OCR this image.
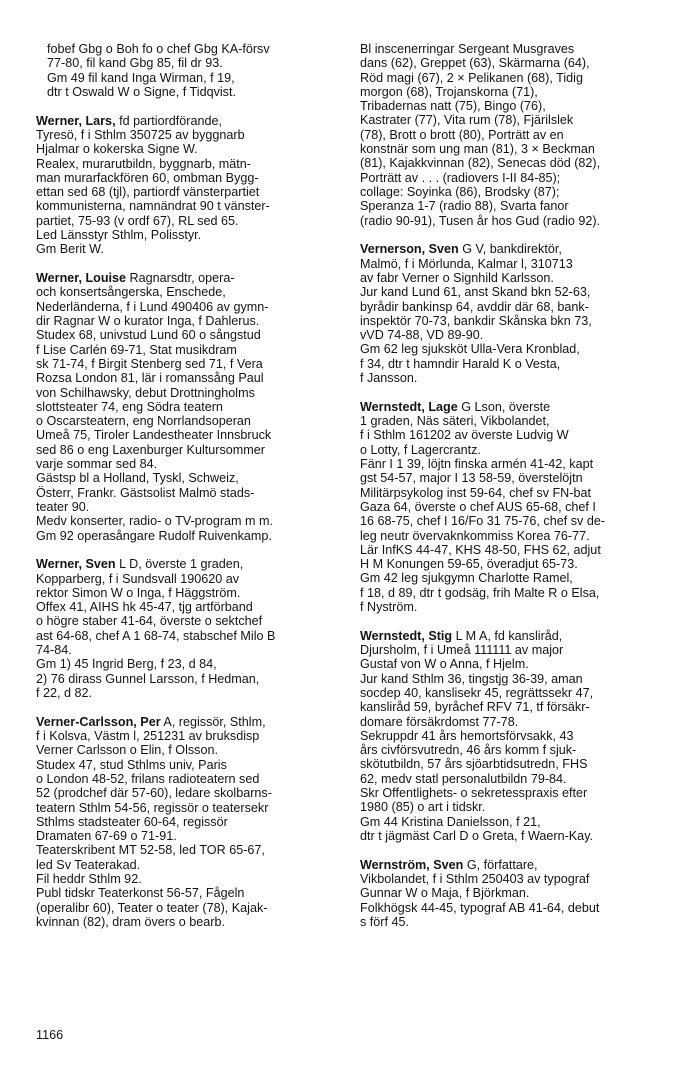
fobef Gbg o Boh fo o chef Gbg KA-försv
77-80, fil kand Gbg 85, fil dr 93.
Gm 49 fil kand Inga Wirman, f 19,
dtr t Oswald W o Signe, f Tidqvist.
Werner, Lars, fd partiordförande,
Tyresö, f i Sthlm 350725 av byggnarb
Hjalmar o kokerska Signe W.
Realex, murarutbildn, byggnarb, mätn-
man murarfackfören 60, ombman Bygg-
ettan sed 68 (tjl), partiordf vänsterpartiet
kommunisterna, namnändrat 90 t vänster-
partiet, 75-93 (v ordf 67), RL sed 65.
Led Länsstyr Sthlm, Polisstyr.
Gm Berit W.
Werner, Louise Ragnarsdtr, opera-
och konsertsångerska, Enschede,
Nederländerna, f i Lund 490406 av gymn-
dir Ragnar W o kurator Inga, f Dahlerus.
Studex 68, univstud Lund 60 o sångstud
f Lise Carlén 69-71, Stat musikdram
sk 71-74, f Birgit Stenberg sed 71, f Vera
Rozsa London 81, lär i romanssång Paul
von Schilhawsky, debut Drottningholms
slottsteater 74, eng Södra teatern
o Oscarsteatern, eng Norrlandsoperan
Umeå 75, Tiroler Landestheater Innsbruck
sed 86 o eng Laxenburger Kultursommer
varje sommar sed 84.
Gästsp bl a Holland, Tyskl, Schweiz,
Österr, Frankr. Gästsolist Malmö stads-
teater 90.
Medv konserter, radio- o TV-program m m.
Gm 92 operasångare Rudolf Ruivenkamp.
Werner, Sven L D, överste 1 graden,
Kopparberg, f i Sundsvall 190620 av
rektor Simon W o Inga, f Häggström.
Offex 41, AIHS hk 45-47, tjg artförband
o högre staber 41-64, överste o sektchef
ast 64-68, chef A 1 68-74, stabschef Milo B
74-84.
Gm 1) 45 Ingrid Berg, f 23, d 84,
2) 76 dirass Gunnel Larsson, f Hedman,
f 22, d 82.
Verner-Carlsson, Per A, regissör, Sthlm,
f i Kolsva, Västm l, 251231 av bruksdisp
Verner Carlsson o Elin, f Olsson.
Studex 47, stud Sthlms univ, Paris
o London 48-52, frilans radioteatern sed
52 (prodchef där 57-60), ledare skolbarns-
teatern Sthlm 54-56, regissör o teatersekr
Sthlms stadsteater 60-64, regissör
Dramaten 67-69 o 71-91.
Teaterskribent MT 52-58, led TOR 65-67,
led Sv Teaterakad.
Fil heddr Sthlm 92.
Publ tidskr Teaterkonst 56-57, Fågeln
(operalibr 60), Teater o teater (78), Kajak-
kvinnan (82), dram övers o bearb.
Bl inscenerringar Sergeant Musgraves
dans (62), Greppet (63), Skärmarna (64),
Röd magi (67), 2 × Pelikanen (68), Tidig
morgon (68), Trojanskorna (71),
Tribadernas natt (75), Bingo (76),
Kastrater (77), Vita rum (78), Fjärilslek
(78), Brott o brott (80), Porträtt av en
konstnär som ung man (81), 3 × Beckman
(81), Kajakkvinnan (82), Senecas död (82),
Porträtt av . . . (radiovers I-II 84-85);
collage: Soyinka (86), Brodsky (87);
Speranza 1-7 (radio 88), Svarta fanor
(radio 90-91), Tusen år hos Gud (radio 92).
Vernerson, Sven G V, bankdirektör,
Malmö, f i Mörlunda, Kalmar l, 310713
av fabr Verner o Signhild Karlsson.
Jur kand Lund 61, anst Skand bkn 52-63,
byrådir bankinsp 64, avddir där 68, bank-
inspektör 70-73, bankdir Skånska bkn 73,
vVD 74-88, VD 89-90.
Gm 62 leg sjuksköt Ulla-Vera Kronblad,
f 34, dtr t hamndir Harald K o Vesta,
f Jansson.
Wernstedt, Lage G Lson, överste
1 graden, Näs säteri, Vikbolandet,
f i Sthlm 161202 av överste Ludvig W
o Lotty, f Lagercrantz.
Fänr I 1 39, löjtn finska armén 41-42, kapt
gst 54-57, major I 13 58-59, överstelöjtn
Militärpsykolog inst 59-64, chef sv FN-bat
Gaza 64, överste o chef AUS 65-68, chef I
16 68-75, chef I 16/Fo 31 75-76, chef sv de-
leg neutr övervaknkommiss Korea 76-77.
Lär InfKS 44-47, KHS 48-50, FHS 62, adjut
H M Konungen 59-65, överadjut 65-73.
Gm 42 leg sjukgymn Charlotte Ramel,
f 18, d 89, dtr t godsäg, frih Malte R o Elsa,
f Nyström.
Wernstedt, Stig L M A, fd kanslіråd,
Djursholm, f i Umeå 111111 av major
Gustaf von W o Anna, f Hjelm.
Jur kand Sthlm 36, tingstjg 36-39, aman
socdep 40, kanslisekr 45, regrättssekr 47,
kanslіråd 59, byråchef RFV 71, tf försäkr-
domare försäkrdomst 77-78.
Sekruppdr 41 års hemortsförvsakk, 43
års civförsvutredn, 46 års komm f sjuk-
skötutbildn, 57 års sjöarbtidsutredn, FHS
62, medv statl personalutbildn 79-84.
Skr Offentlighets- o sekretesspraxis efter
1980 (85) o art i tidskr.
Gm 44 Kristina Danielsson, f 21,
dtr t jägmäst Carl D o Greta, f Waern-Kay.
Wernström, Sven G, författare,
Vikbolandet, f i Sthlm 250403 av typograf
Gunnar W o Maja, f Björkman.
Folkhögsk 44-45, typograf AB 41-64, debut
s förf 45.
1166
